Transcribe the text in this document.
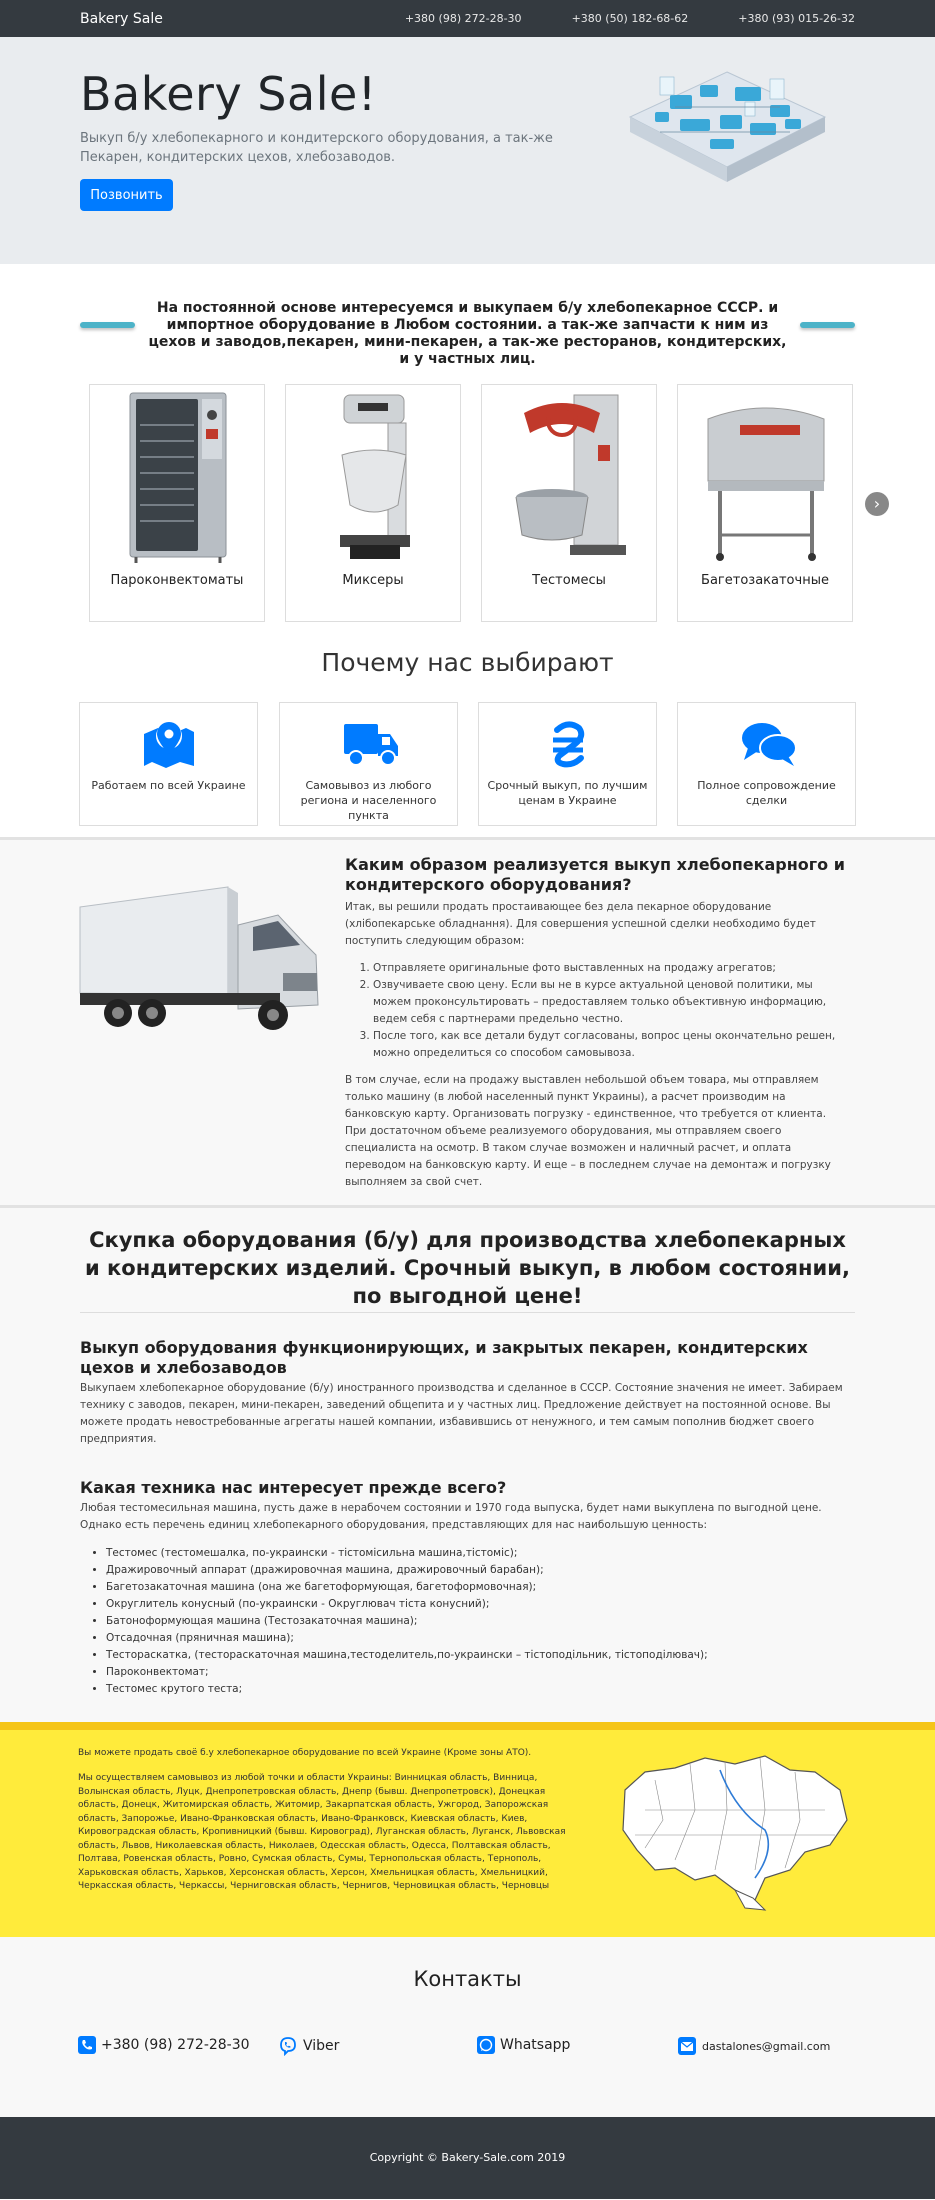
Bakery Sale	+380 (98) 272-28-30	+380 (50) 182-68-62	+380 (93) 015-26-32
Bakery Sale!

Выкуп б/у хлебопекарного и кондитерского оборудования, а так-же Пекарен, кондитерских цехов, хлебозаводов.

Позвонить
На постоянной основе интересуемся и выкупаем б/у хлебопекарное СССР. и импортное оборудование в Любом состоянии. а так-же запчасти к ним из цехов и заводов,пекарен, мини-пекарен, а так-же ресторанов, кондитерских, и у частных лиц.
Пароконвектоматы	Миксеры	Тестомесы	Багетозакаточные
›
Почему нас выбирают
Работаем по всей Украине	Самовывоз из любого региона и населенного пункта
Срочный выкуп, по лучшим ценам в Украине
Полное сопровождение сделки
Каким образом реализуется выкуп хлебопекарного и кондитерского оборудования?

Итак, вы решили продать простаивающее без дела пекарное оборудование (хлібопекарське обладнання). Для совершения успешной сделки необходимо будет поступить следующим образом:

1. Отправляете оригинальные фото выставленных на продажу агрегатов;
2. Озвучиваете свою цену. Если вы не в курсе актуальной ценовой политики, мы можем проконсультировать – предоставляем только объективную информацию, ведем себя с партнерами предельно честно.
3. После того, как все детали будут согласованы, вопрос цены окончательно решен, можно определиться со способом самовывоза.

В том случае, если на продажу выставлен небольшой объем товара, мы отправляем только машину (в любой населенный пункт Украины), а расчет производим на банковскую карту. Организовать погрузку - единственное, что требуется от клиента. При достаточном объеме реализуемого оборудования, мы отправляем своего специалиста на осмотр. В таком случае возможен и наличный расчет, и оплата переводом на банковскую карту. И еще – в последнем случае на демонтаж и погрузку выполняем за свой счет.

Скупка оборудования (б/у) для производства хлебопекарных и кондитерских изделий. Срочный выкуп, в любом состоянии, по выгодной цене!
Выкуп оборудования функционирующих, и закрытых пекарен, кондитерских цехов и хлебозаводов

Выкупаем хлебопекарное оборудование (б/у) иностранного производства и сделанное в СССР. Состояние значения не имеет. Забираем технику с заводов, пекарен, мини-пекарен, заведений общепита и у частных лиц. Предложение действует на постоянной основе. Вы можете продать невостребованные агрегаты нашей компании, избавившись от ненужного, и тем самым пополнив бюджет своего предприятия.

Какая техника нас интересует прежде всего?

Любая тестомесильная машина, пусть даже в нерабочем состоянии и 1970 года выпуска, будет нами выкуплена по выгодной цене. Однако есть перечень единиц хлебопекарного оборудования, представляющих для нас наибольшую ценность:

• Тестомес (тестомешалка, по-украински - тістомісильна машина,тістоміс);
• Дражировочный аппарат (дражировочная машина, дражировочный барабан);
• Багетозакаточная машина (она же багетоформующая, багетоформовочная);
• Округлитель конусный (по-украински - Округлювач тіста конусний);
• Батоноформующая машина (Тестозакаточная машина);
• Отсадочная (пряничная машина);
• Тестораскатка, (тестораскаточная машина,тестоделитель,по-украински – тістоподільник, тістоподілювач);
• Пароконвектомат;
• Тестомес крутого теста;
Вы можете продать своё б.у хлебопекарное оборудование по всей Украине (Кроме зоны АТО).
Мы осуществляем самовывоз из любой точки и области Украины: Винницкая область, Винница, Волынская область, Луцк, Днепропетровская область, Днепр (бывш. Днепропетровск), Донецкая область, Донецк, Житомирская область, Житомир, Закарпатская область, Ужгород, Запорожская область, Запорожье, Ивано-Франковская область, Ивано-Франковск, Киевская область, Киев, Кировоградская область, Кропивницкий (бывш. Кировоград), Луганская область, Луганск, Львовская область, Львов, Николаевская область, Николаев, Одесская область, Одесса, Полтавская область, Полтава, Ровенская область, Ровно, Сумская область, Сумы, Тернопольская область, Тернополь, Харьковская область, Харьков, Херсонская область, Херсон, Хмельницкая область, Хмельницкий, Черкасская область, Черкассы, Черниговская область, Чернигов, Черновицкая область, Черновцы
Контакты
+380 (98) 272-28-30	Viber	Whatsapp	dastalones@gmail.com
Copyright © Bakery-Sale.com 2019
